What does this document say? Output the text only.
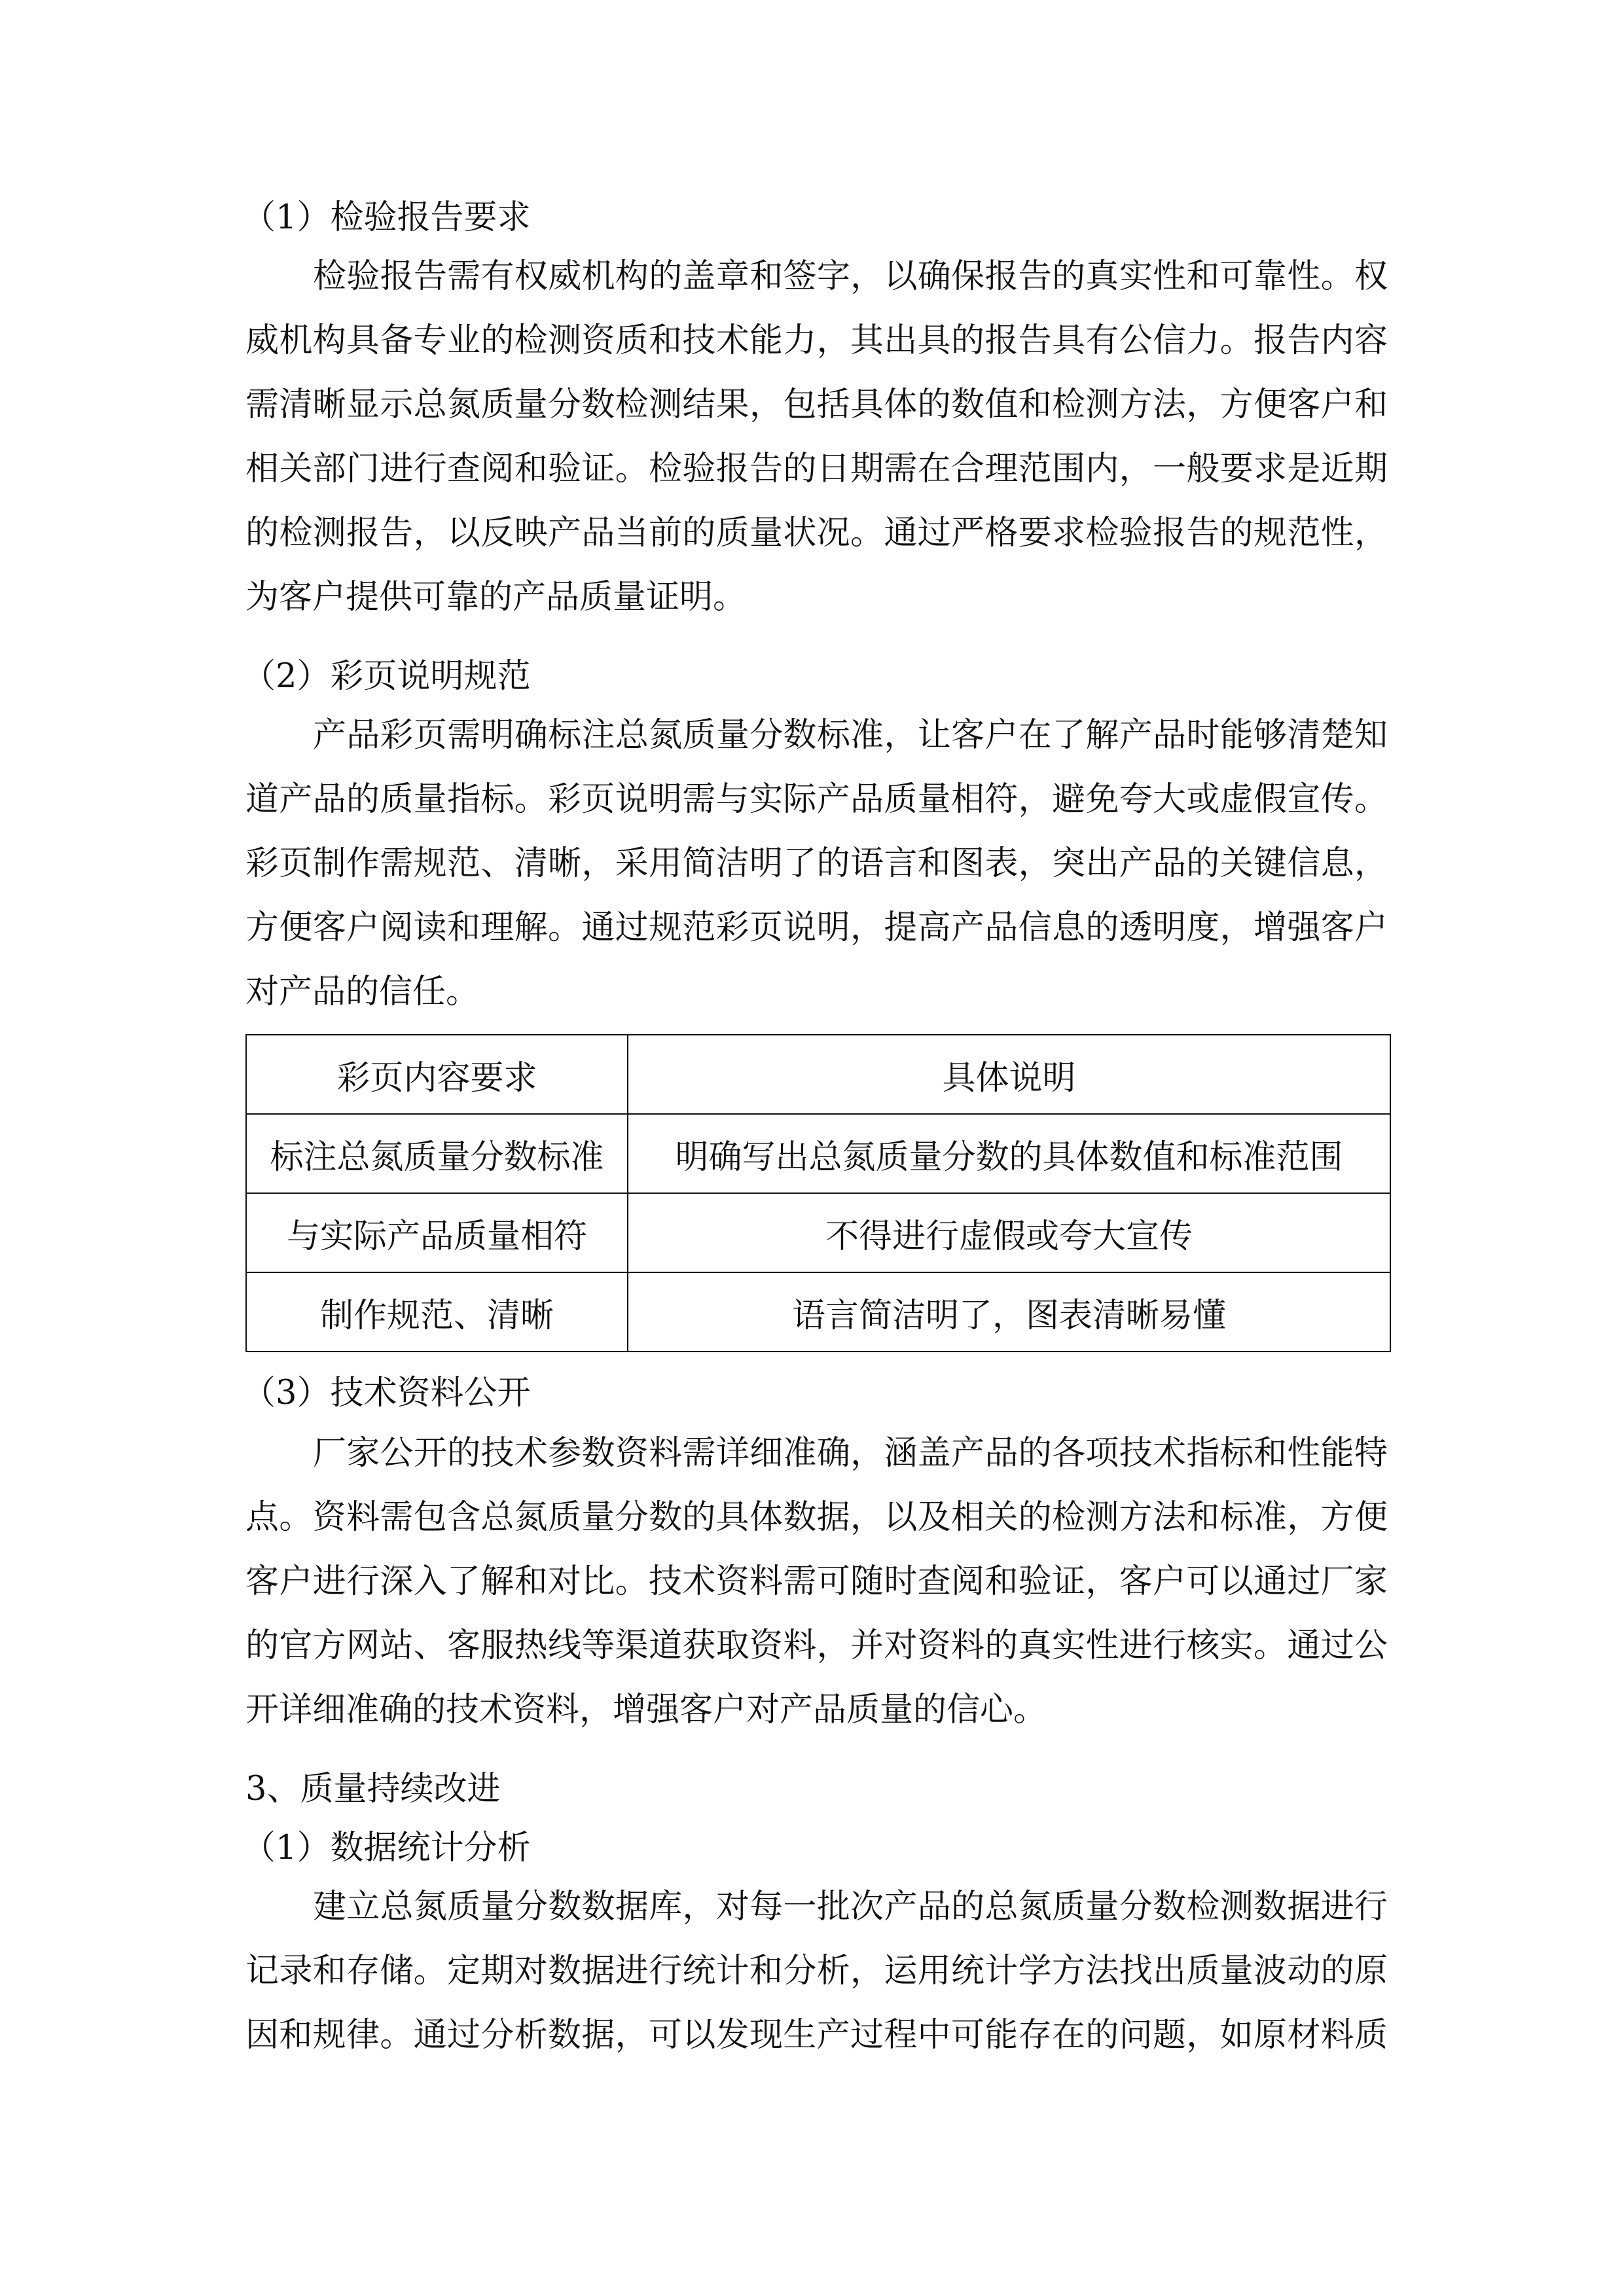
（1）检验报告要求

检验报告需有权威机构的盖章和签字，以确保报告的真实性和可靠性。权

威机构具备专业的检测资质和技术能力，其出具的报告具有公信力。报告内容

需清晰显示总氮质量分数检测结果，包括具体的数值和检测方法，方便客户和

相关部门进行查阅和验证。检验报告的日期需在合理范围内，一般要求是近期

的检测报告，以反映产品当前的质量状况。通过严格要求检验报告的规范性，

为客户提供可靠的产品质量证明。

（2）彩页说明规范

产品彩页需明确标注总氮质量分数标准，让客户在了解产品时能够清楚知

道产品的质量指标。彩页说明需与实际产品质量相符，避免夸大或虚假宣传。

彩页制作需规范、清晰，采用简洁明了的语言和图表，突出产品的关键信息，

方便客户阅读和理解。通过规范彩页说明，提高产品信息的透明度，增强客户

对产品的信任。

彩页内容要求	具体说明
标注总氮质量分数标准	明确写出总氮质量分数的具体数值和标准范围
与实际产品质量相符	不得进行虚假或夸大宣传
制作规范、清晰	语言简洁明了，图表清晰易懂

（3）技术资料公开

厂家公开的技术参数资料需详细准确，涵盖产品的各项技术指标和性能特

点。资料需包含总氮质量分数的具体数据，以及相关的检测方法和标准，方便

客户进行深入了解和对比。技术资料需可随时查阅和验证，客户可以通过厂家

的官方网站、客服热线等渠道获取资料，并对资料的真实性进行核实。通过公

开详细准确的技术资料，增强客户对产品质量的信心。

3、质量持续改进

（1）数据统计分析

建立总氮质量分数数据库，对每一批次产品的总氮质量分数检测数据进行

记录和存储。定期对数据进行统计和分析，运用统计学方法找出质量波动的原

因和规律。通过分析数据，可以发现生产过程中可能存在的问题，如原材料质
